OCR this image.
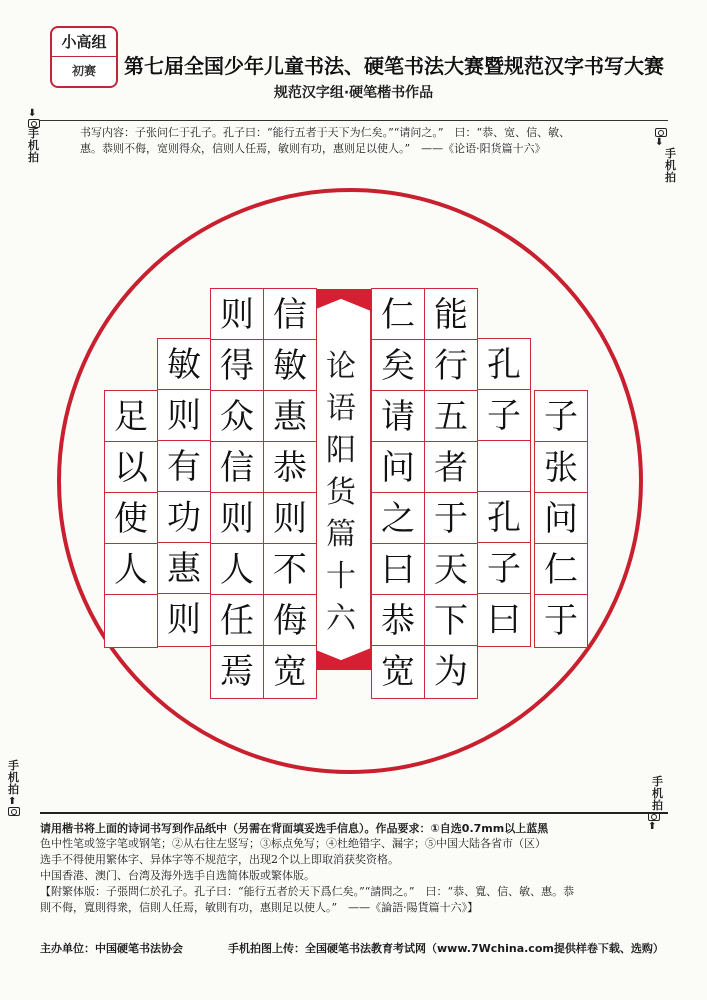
小高组
初赛	第七届全国少年儿童书法、硬笔书法大赛暨规范汉字书写大赛
规范汉字组·硬笔楷书作品
⬇
手机拍
⬇
手机拍
手机拍
⬆
手机拍
⬆
书写内容：子张问仁于孔子。孔子曰：“能行五者于天下为仁矣。”“请问之。”　曰：“恭、宽、信、敏、
惠。恭则不侮，宽则得众，信则人任焉，敏则有功，惠则足以使人。”　——《论语·阳货篇十六》
论
语
阳
货
篇
十
六
子
张
问
仁
于
孔
子
孔
子
曰
能
行
五
者
于
天
下
为
仁
矣
请
问
之
曰
恭
宽
信
敏
惠
恭
则
不
侮
宽
则
得
众
信
则
人
任
焉
敏
则
有
功
惠
则
足
以
使
人
请用楷书将上面的诗词书写到作品纸中（另需在背面填妥选手信息）。作品要求：①自选0.7mm以上蓝黑
色中性笔或签字笔或钢笔；②从右往左竖写；③标点免写；④杜绝错字、漏字；⑤中国大陆各省市（区）
选手不得使用繁体字、异体字等不规范字，出现2个以上即取消获奖资格。
中国香港、澳门、台湾及海外选手自选简体版或繁体版。
【附繁体版：子張問仁於孔子。孔子曰：“能行五者於天下爲仁矣。”“請問之。”　曰：“恭、寬、信、敏、惠。恭
則不侮，寬則得衆，信則人任焉，敏則有功，惠則足以使人。”　——《論語·陽貨篇十六》】
主办单位：中国硬笔书法协会	手机拍图上传：全国硬笔书法教育考试网（www.7Wchina.com提供样卷下载、选购）
